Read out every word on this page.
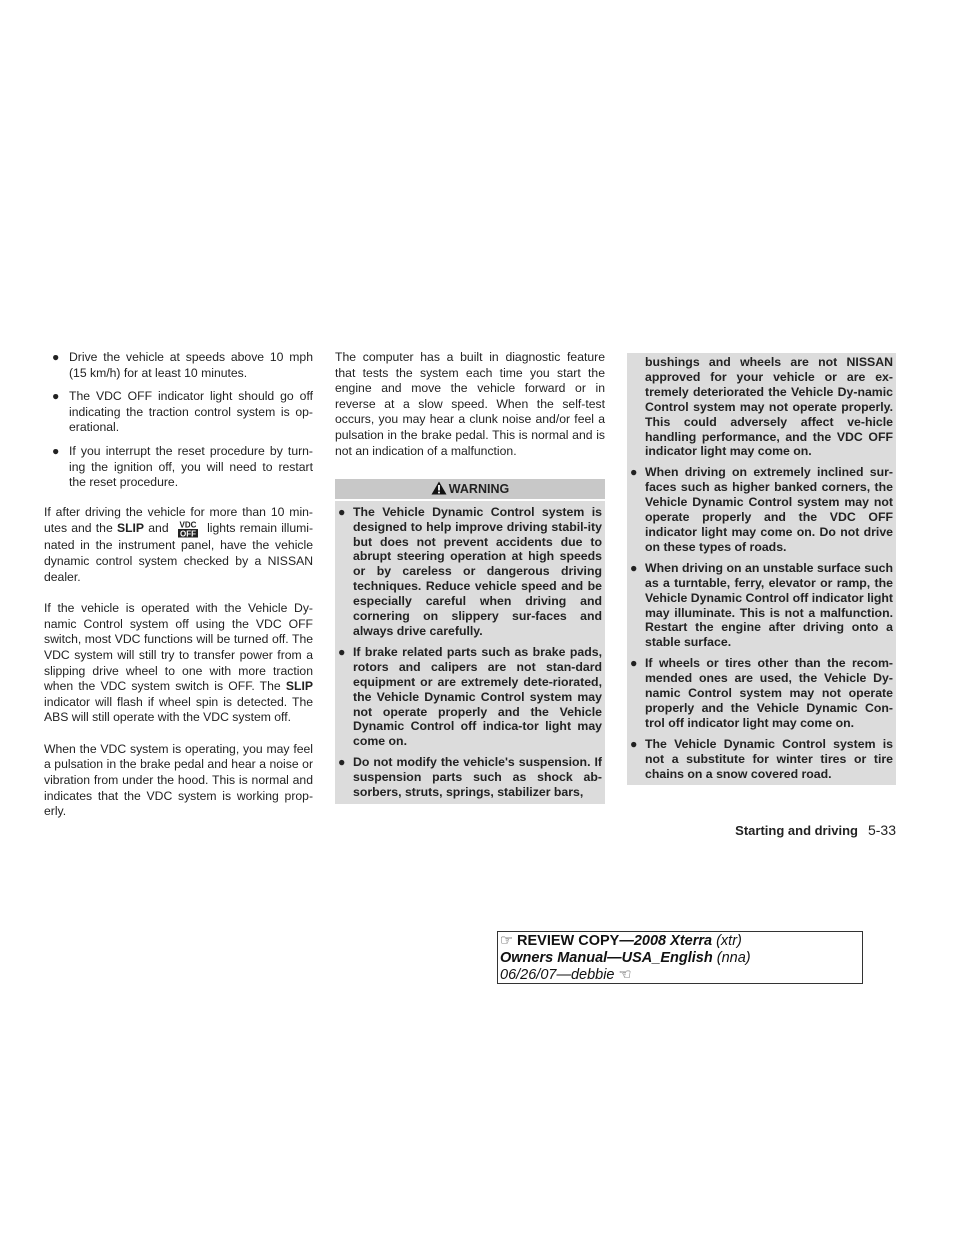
● Drive the vehicle at speeds above 10 mph (15 km/h) for at least 10 minutes.
● The VDC OFF indicator light should go off indicating the traction control system is op-erational.
● If you interrupt the reset procedure by turn-ing the ignition off, you will need to restart the reset procedure.

If after driving the vehicle for more than 10 min-utes and the SLIP and VDC
OFF lights remain illumi-nated in the instrument panel, have the vehicle dynamic control system checked by a NISSAN dealer.

If the vehicle is operated with the Vehicle Dy-namic Control system off using the VDC OFF switch, most VDC functions will be turned off. The VDC system will still try to transfer power from a slipping drive wheel to one with more traction when the VDC system switch is OFF. The SLIP indicator will flash if wheel spin is detected. The ABS will still operate with the VDC system off.

When the VDC system is operating, you may feel a pulsation in the brake pedal and hear a noise or vibration from under the hood. This is normal and indicates that the VDC system is working prop-erly.

The computer has a built in diagnostic feature that tests the system each time you start the engine and move the vehicle forward or in reverse at a slow speed. When the self-test occurs, you may hear a clunk noise and/or feel a pulsation in the brake pedal. This is normal and is not an indication of a malfunction.

WARNING
● The Vehicle Dynamic Control system is designed to help improve driving stabil-ity but does not prevent accidents due to abrupt steering operation at high speeds or by careless or dangerous driving techniques. Reduce vehicle speed and be especially careful when driving and cornering on slippery sur-faces and always drive carefully.
● If brake related parts such as brake pads, rotors and calipers are not stan-dard equipment or are extremely dete-riorated, the Vehicle Dynamic Control system may not operate properly and the Vehicle Dynamic Control off indica-tor light may come on.
● Do not modify the vehicle's suspension. If suspension parts such as shock ab-sorbers, struts, springs, stabilizer bars,
bushings and wheels are not NISSAN approved for your vehicle or are ex-tremely deteriorated the Vehicle Dy-namic Control system may not operate properly. This could adversely affect ve-hicle handling performance, and the VDC OFF indicator light may come on.
● When driving on extremely inclined sur-faces such as higher banked corners, the Vehicle Dynamic Control system may not operate properly and the VDC OFF indicator light may come on. Do not drive on these types of roads.
● When driving on an unstable surface such as a turntable, ferry, elevator or ramp, the Vehicle Dynamic Control off indicator light may illuminate. This is not a malfunction. Restart the engine after driving onto a stable surface.
● If wheels or tires other than the recom-mended ones are used, the Vehicle Dy-namic Control system may not operate properly and the Vehicle Dynamic Con-trol off indicator light may come on.
● The Vehicle Dynamic Control system is not a substitute for winter tires or tire chains on a snow covered road.
Starting and driving 5-33
☞ REVIEW COPY—2008 Xterra (xtr)
Owners Manual—USA_English (nna)
06/26/07—debbie ☜
